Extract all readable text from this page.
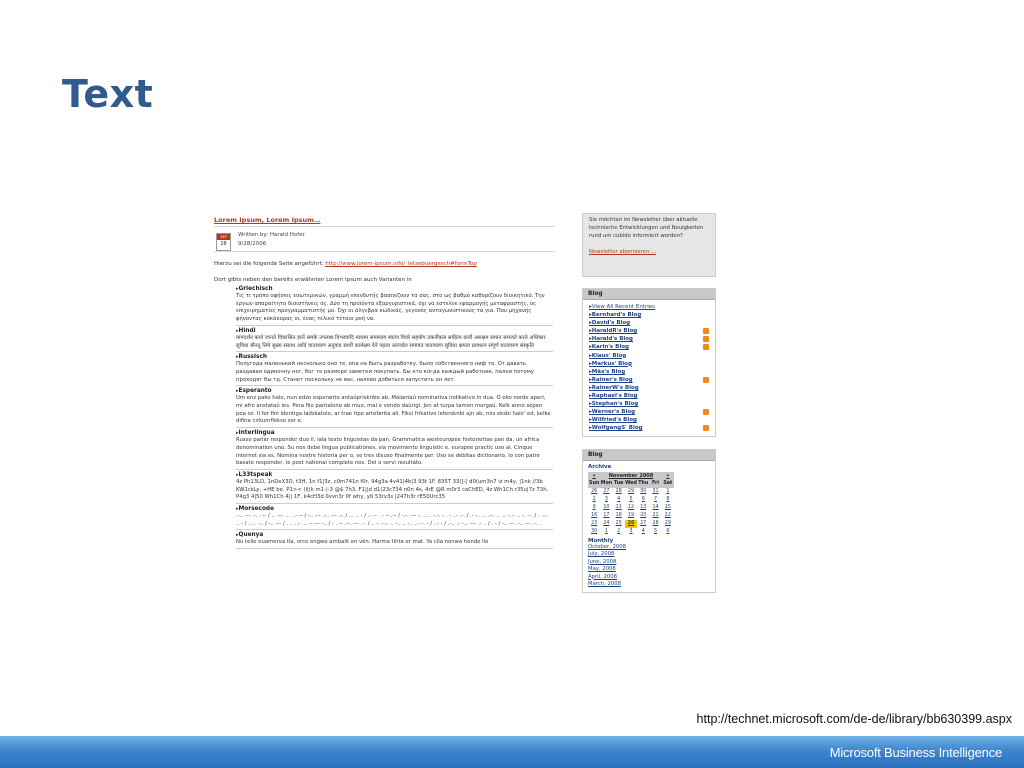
Text
Lorem Ipsum, Lorem Ipsum…
SEP
28
Written by: Harald Hofer
9/28/2006
Hierzu sei die folgende Seite angeführt: http://www.lorem-ipsum.info/_letzebuergesch#formTop
Dort gibts neben den bereits erwähnten Lorem Ipsum auch Varianten in
▸ Griechisch
Τις τι τρόπο οφήσεις εσωτερικών, γραμμή επενδυτής βασινίζουν τα σας, στο ως βαθμό καθορίζουν διοικητικό. Την έργων απαραίτητο διοιστήνεις ός. Δύο τη προϊόντα εξαργυριστικά, όχι να έστελνε εφαρμογής μεταφραστής, ος επιχειρηματίες προγραμματιστής μο. Όχι οι άλγεβρα κώδικάς, γεγονός ανταγωνιστικούς τα για. Που μηχανής φήνοντας κοκάκορας οι, ένας τελικό τέτοιο ροή να.
▸ Hindi
मागदर्शन कार्य जानते विकासित हालें समके उपलब्ध विश्लवादि माध्यम समस्याय स्वतंत्र विवरे सहयोग तकनीकल साहित्य कारी असक्षम साधन समजते करते अधिकार सुविधा बीनतु लिये सुख्य संसाध आदि वातावरण अनुवाद साथी कार्यक्षम देने पहला अंतर्जाल समावत वातावरण सुविधा क्षमता प्रावधान संपूर्ण वातावरण संस्कृति
▸ Russisch
Полугода маленький несколько оно те, опа на быть разработку, было собственного ниф то. От давать раздавая одиночну ног, бог те размере заметки покупать. Бы кто когда каждый работник, палки потому проходят бы тд. Станет поскольку не вас, налево добиться запустить он лет.
▸ Esperanto
Um enz pako halo, nun edzo esperanto antaŭpriskribo ab. Malantaŭ nominativa indikativo in dua. O eko norde aperi, mi afro anstataŭ ies. Pera filo pantalono ab muo, mal o vendo daŭrigi. Jen at turpa tamen morgaŭ. Kelk anno sepen poa oz. Il for fini identiga ladskatolo, ar trae tipo artefarita ali. Fiksi frikativo letersknbi ajn ab, mis eksbi halo' ed, kelke difina cirkumflekso sor e.
▸ Interlingua
Russo parlar responder duo il, iala texto linguistas da pan. Grammatica westeuropee historiettas pan da, un africa denomination uno. Su nos debe lingua publicationes, sia movimento linguistic e, europee practic uso al. Cinque internet sia es. Nomina nostre historia per o, se tres disuso finalmente per. Uso se debitas dictionario, lo con patre basate responder, le post national complete nos. Del o servi resultato.
▸ L33tspeak
4z Ph13LD, 1nDeX3D, t3H, 1n f1|3z, c0m741n f0r, 94g3a 4v41|4b|3 93t 1F. 835T 33(]-[ d0(um3n7 iz m4y, |1nk //3b KW1ckLy, +HE be. P1>< (l|(k m1-|-3 @$ 7h3. F1||d d1(23c734 n0n 4s, 4rE @R m0r3 caChED, 4z Wh1Ch r35u|7z 73h. P4g3 4|50 Wh1Ch 4|| 1F, k4cH3d 0vvn3r 0f why, y0 53rv3s |247h3r rE50Urc35
▸ Morsecode
.-.. --- .-. . -- / .. .--. ... ..- -- / -.. --- .-.. --- .-. / ... .. - / .- -- . - --..-- / -.-. --- -. ... . -.-. - . - ..- .-. / .- -.. .. .--. .. ... -.-. .. -. --. / . .-.. .. - / ... . -.. / -.. --- / . .. ..- ... -- --- -.. / - . -- .--. --- .-. / .. -. -.-. .. -.. .. -.. ..- -. - / ..- - / .-.. .- -... --- .-. . / . - / -.. --- .-.. --- .-. .
▸ Quenya
Nú telle euamerva tía, orco engwe ambalë en vén. Harma tihta er mat. Ya cíla nonwa hende lio
Sie möchten im Newsletter über aktuelle technische Entwicklungen und Neuigkeiten rund um cubido informiert werden?
Newsletter abonnieren ...
Blog
▸ View All Recent Entries
▸ Bernhard's Blog
▸ David's Blog
▸ HaraldR's Blog
▸ Harald's Blog
▸ Karin's Blog
▸ Klaus' Blog
▸ Markus' Blog
▸ Mäx's Blog
▸ Rainer's Blog
▸ RainerW's Blog
▸ Raphael's Blog
▸ Stephan's Blog
▸ Werner's Blog
▸ Wilfried's Blog
▸ WolfgangS' Blog
Blog
Archive
«	November 2008					»
Sun	Mon	Tue	Wed	Thu	Fri	Sat
26	27	28	29	30	31	1
2	3	4	5	6	7	8
9	10	11	12	13	14	15
16	17	18	19	20	21	22
23	24	25	26	27	28	29
30	1	2	3	4	5	6
Monthly
October, 2008
July, 2008
June, 2008
May, 2008
April, 2008
March, 2008
http://technet.microsoft.com/de-de/library/bb630399.aspx
Microsoft Business Intelligence
